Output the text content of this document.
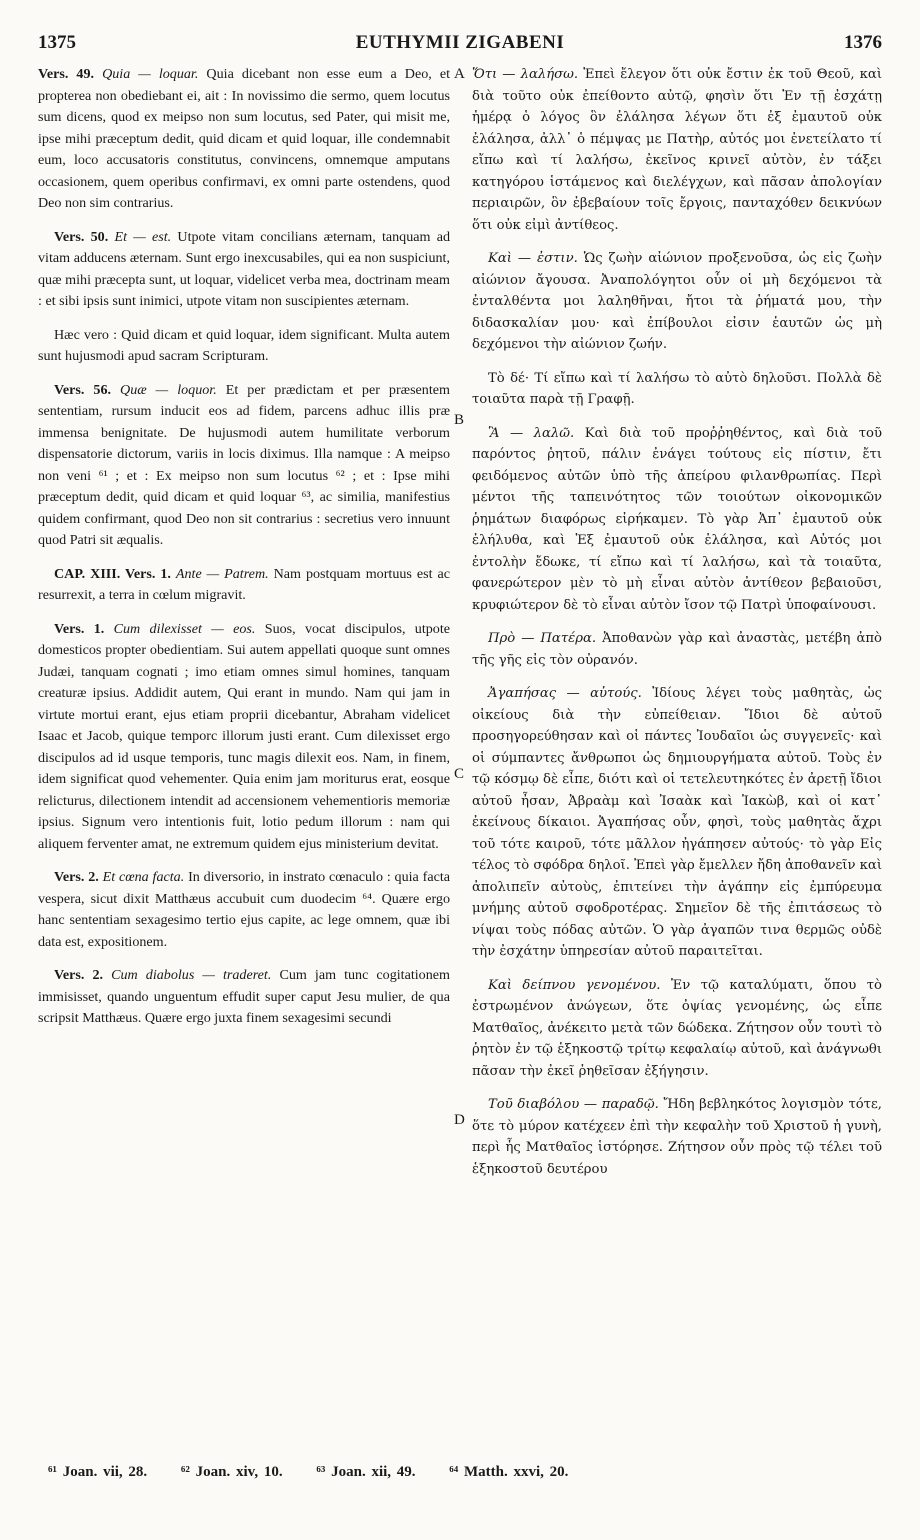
1375	EUTHYMII ZIGABENI	1376
A
B
C
D

Vers. 49. Quia — loquar. Quia dicebant non esse eum a Deo, et propterea non obediebant ei, ait : In novissimo die sermo, quem locutus sum dicens, quod ex meipso non sum locutus, sed Pater, qui misit me, ipse mihi præceptum dedit, quid dicam et quid loquar, ille condemnabit eum, loco accusatoris constitutus, convincens, omnemque amputans occasionem, quem operibus confirmavi, ex omni parte ostendens, quod Deo non sim contrarius.

Vers. 50. Et — est. Utpote vitam concilians æternam, tanquam ad vitam adducens æternam. Sunt ergo inexcusabiles, qui ea non suspiciunt, quæ mihi præcepta sunt, ut loquar, videlicet verba mea, doctrinam meam : et sibi ipsis sunt inimici, utpote vitam non suscipientes æternam.

Hæc vero : Quid dicam et quid loquar, idem significant. Multa autem sunt hujusmodi apud sacram Scripturam.

Vers. 56. Quæ — loquor. Et per prædictam et per præsentem sententiam, rursum inducit eos ad fidem, parcens adhuc illis præ immensa benignitate. De hujusmodi autem humilitate verborum dispensatorie dictorum, variis in locis diximus. Illa namque : A meipso non veni ⁶¹ ; et : Ex meipso non sum locutus ⁶² ; et : Ipse mihi præceptum dedit, quid dicam et quid loquar ⁶³, ac similia, manifestius quidem confirmant, quod Deo non sit contrarius : secretius vero innuunt quod Patri sit æqualis.

CAP. XIII. Vers. 1. Ante — Patrem. Nam postquam mortuus est ac resurrexit, a terra in cœlum migravit.

Vers. 1. Cum dilexisset — eos. Suos, vocat discipulos, utpote domesticos propter obedientiam. Sui autem appellati quoque sunt omnes Judæi, tanquam cognati ; imo etiam omnes simul homines, tanquam creaturæ ipsius. Addidit autem, Qui erant in mundo. Nam qui jam in virtute mortui erant, ejus etiam proprii dicebantur, Abraham videlicet Isaac et Jacob, quique temporc illorum justi erant. Cum dilexisset ergo discipulos ad id usque temporis, tunc magis dilexit eos. Nam, in finem, idem significat quod vehementer. Quia enim jam moriturus erat, eosque relicturus, dilectionem intendit ad accensionem vehementioris memoriæ ipsius. Signum vero intentionis fuit, lotio pedum illorum : nam qui aliquem ferventer amat, ne extremum quidem ejus ministerium devitat.

Vers. 2. Et cœna facta. In diversorio, in instrato cœnaculo : quia facta vespera, sicut dixit Matthæus accubuit cum duodecim ⁶⁴. Quære ergo hanc sententiam sexagesimo tertio ejus capite, ac lege omnem, quæ ibi data est, expositionem.

Vers. 2. Cum diabolus — traderet. Cum jam tunc cogitationem immisisset, quando unguentum effudit super caput Jesu mulier, de qua scripsit Matthæus. Quære ergo juxta finem sexagesimi secundi

Ὅτι — λαλήσω. Ἐπεὶ ἔλεγον ὅτι οὐκ ἔστιν ἐκ τοῦ Θεοῦ, καὶ διὰ τοῦτο οὐκ ἐπείθοντο αὐτῷ, φησὶν ὅτι Ἐν τῇ ἐσχάτῃ ἡμέρᾳ ὁ λόγος ὃν ἐλάλησα λέγων ὅτι ἐξ ἐμαυτοῦ οὐκ ἐλάλησα, ἀλλ᾽ ὁ πέμψας με Πατὴρ, αὐτός μοι ἐνετείλατο τί εἴπω καὶ τί λαλήσω, ἐκεῖνος κρινεῖ αὐτὸν, ἐν τάξει κατηγόρου ἱστάμενος καὶ διελέγχων, καὶ πᾶσαν ἀπολογίαν περιαιρῶν, ὃν ἐβεβαίουν τοῖς ἔργοις, πανταχόθεν δεικνύων ὅτι οὐκ εἰμὶ ἀντίθεος.

Καὶ — ἐστιν. Ὡς ζωὴν αἰώνιον προξενοῦσα, ὡς εἰς ζωὴν αἰώνιον ἄγουσα. Ἀναπολόγητοι οὖν οἱ μὴ δεχόμενοι τὰ ἐνταλθέντα μοι λαληθῆναι, ἤτοι τὰ ῥήματά μου, τὴν διδασκαλίαν μου· καὶ ἐπίβουλοι εἰσιν ἑαυτῶν ὡς μὴ δεχόμενοι τὴν αἰώνιον ζωήν.

Τὸ δέ· Τί εἴπω καὶ τί λαλήσω τὸ αὐτὸ δηλοῦσι. Πολλὰ δὲ τοιαῦτα παρὰ τῇ Γραφῇ.

Ἃ — λαλῶ. Καὶ διὰ τοῦ προῤῥηθέντος, καὶ διὰ τοῦ παρόντος ῥητοῦ, πάλιν ἐνάγει τούτους εἰς πίστιν, ἔτι φειδόμενος αὐτῶν ὑπὸ τῆς ἀπείρου φιλανθρωπίας. Περὶ μέντοι τῆς ταπεινότητος τῶν τοιούτων οἰκονομικῶν ῥημάτων διαφόρως εἰρήκαμεν. Τὸ γὰρ Ἀπ᾽ ἐμαυτοῦ οὐκ ἐλήλυθα, καὶ Ἐξ ἐμαυτοῦ οὐκ ἐλάλησα, καὶ Αὐτός μοι ἐντολὴν ἔδωκε, τί εἴπω καὶ τί λαλήσω, καὶ τὰ τοιαῦτα, φανερώτερον μὲν τὸ μὴ εἶναι αὐτὸν ἀντίθεον βεβαιοῦσι, κρυφιώτερον δὲ τὸ εἶναι αὐτὸν ἴσον τῷ Πατρὶ ὑποφαίνουσι.

Πρὸ — Πατέρα. Ἀποθανὼν γὰρ καὶ ἀναστὰς, μετέβη ἀπὸ τῆς γῆς εἰς τὸν οὐρανόν.

Ἀγαπήσας — αὐτούς. Ἰδίους λέγει τοὺς μαθητὰς, ὡς οἰκείους διὰ τὴν εὐπείθειαν. Ἴδιοι δὲ αὐτοῦ προσηγορεύθησαν καὶ οἱ πάντες Ἰουδαῖοι ὡς συγγενεῖς· καὶ οἱ σύμπαντες ἄνθρωποι ὡς δημιουργήματα αὐτοῦ. Τοὺς ἐν τῷ κόσμῳ δὲ εἶπε, διότι καὶ οἱ τετελευτηκότες ἐν ἀρετῇ ἴδιοι αὐτοῦ ἦσαν, Ἀβραὰμ καὶ Ἰσαὰκ καὶ Ἰακὼβ, καὶ οἱ κατ᾽ ἐκείνους δίκαιοι. Ἀγαπήσας οὖν, φησὶ, τοὺς μαθητὰς ἄχρι τοῦ τότε καιροῦ, τότε μᾶλλον ἠγάπησεν αὐτούς· τὸ γὰρ Εἰς τέλος τὸ σφόδρα δηλοῖ. Ἐπεὶ γὰρ ἔμελλεν ἤδη ἀποθανεῖν καὶ ἀπολιπεῖν αὐτοὺς, ἐπιτείνει τὴν ἀγάπην εἰς ἐμπύρευμα μνήμης αὐτοῦ σφοδροτέρας. Σημεῖον δὲ τῆς ἐπιτάσεως τὸ νίψαι τοὺς πόδας αὐτῶν. Ὁ γὰρ ἀγαπῶν τινα θερμῶς οὐδὲ τὴν ἐσχάτην ὑπηρεσίαν αὐτοῦ παραιτεῖται.

Καὶ δείπνου γενομένου. Ἐν τῷ καταλύματι, ὅπου τὸ ἐστρωμένον ἀνώγεων, ὅτε ὀψίας γενομένης, ὡς εἶπε Ματθαῖος, ἀνέκειτο μετὰ τῶν δώδεκα. Ζήτησον οὖν τουτὶ τὸ ῥητὸν ἐν τῷ ἑξηκοστῷ τρίτῳ κεφαλαίῳ αὐτοῦ, καὶ ἀνάγνωθι πᾶσαν τὴν ἐκεῖ ῥηθεῖσαν ἐξήγησιν.

Τοῦ διαβόλου — παραδῷ. Ἤδη βεβληκότος λογισμὸν τότε, ὅτε τὸ μύρον κατέχεεν ἐπὶ τὴν κεφαλὴν τοῦ Χριστοῦ ἡ γυνὴ, περὶ ἧς Ματθαῖος ἱστόρησε. Ζήτησον οὖν πρὸς τῷ τέλει τοῦ ἑξηκοστοῦ δευτέρου

⁶¹ Joan. vii, 28. ⁶² Joan. xiv, 10. ⁶³ Joan. xii, 49. ⁶⁴ Matth. xxvi, 20.
